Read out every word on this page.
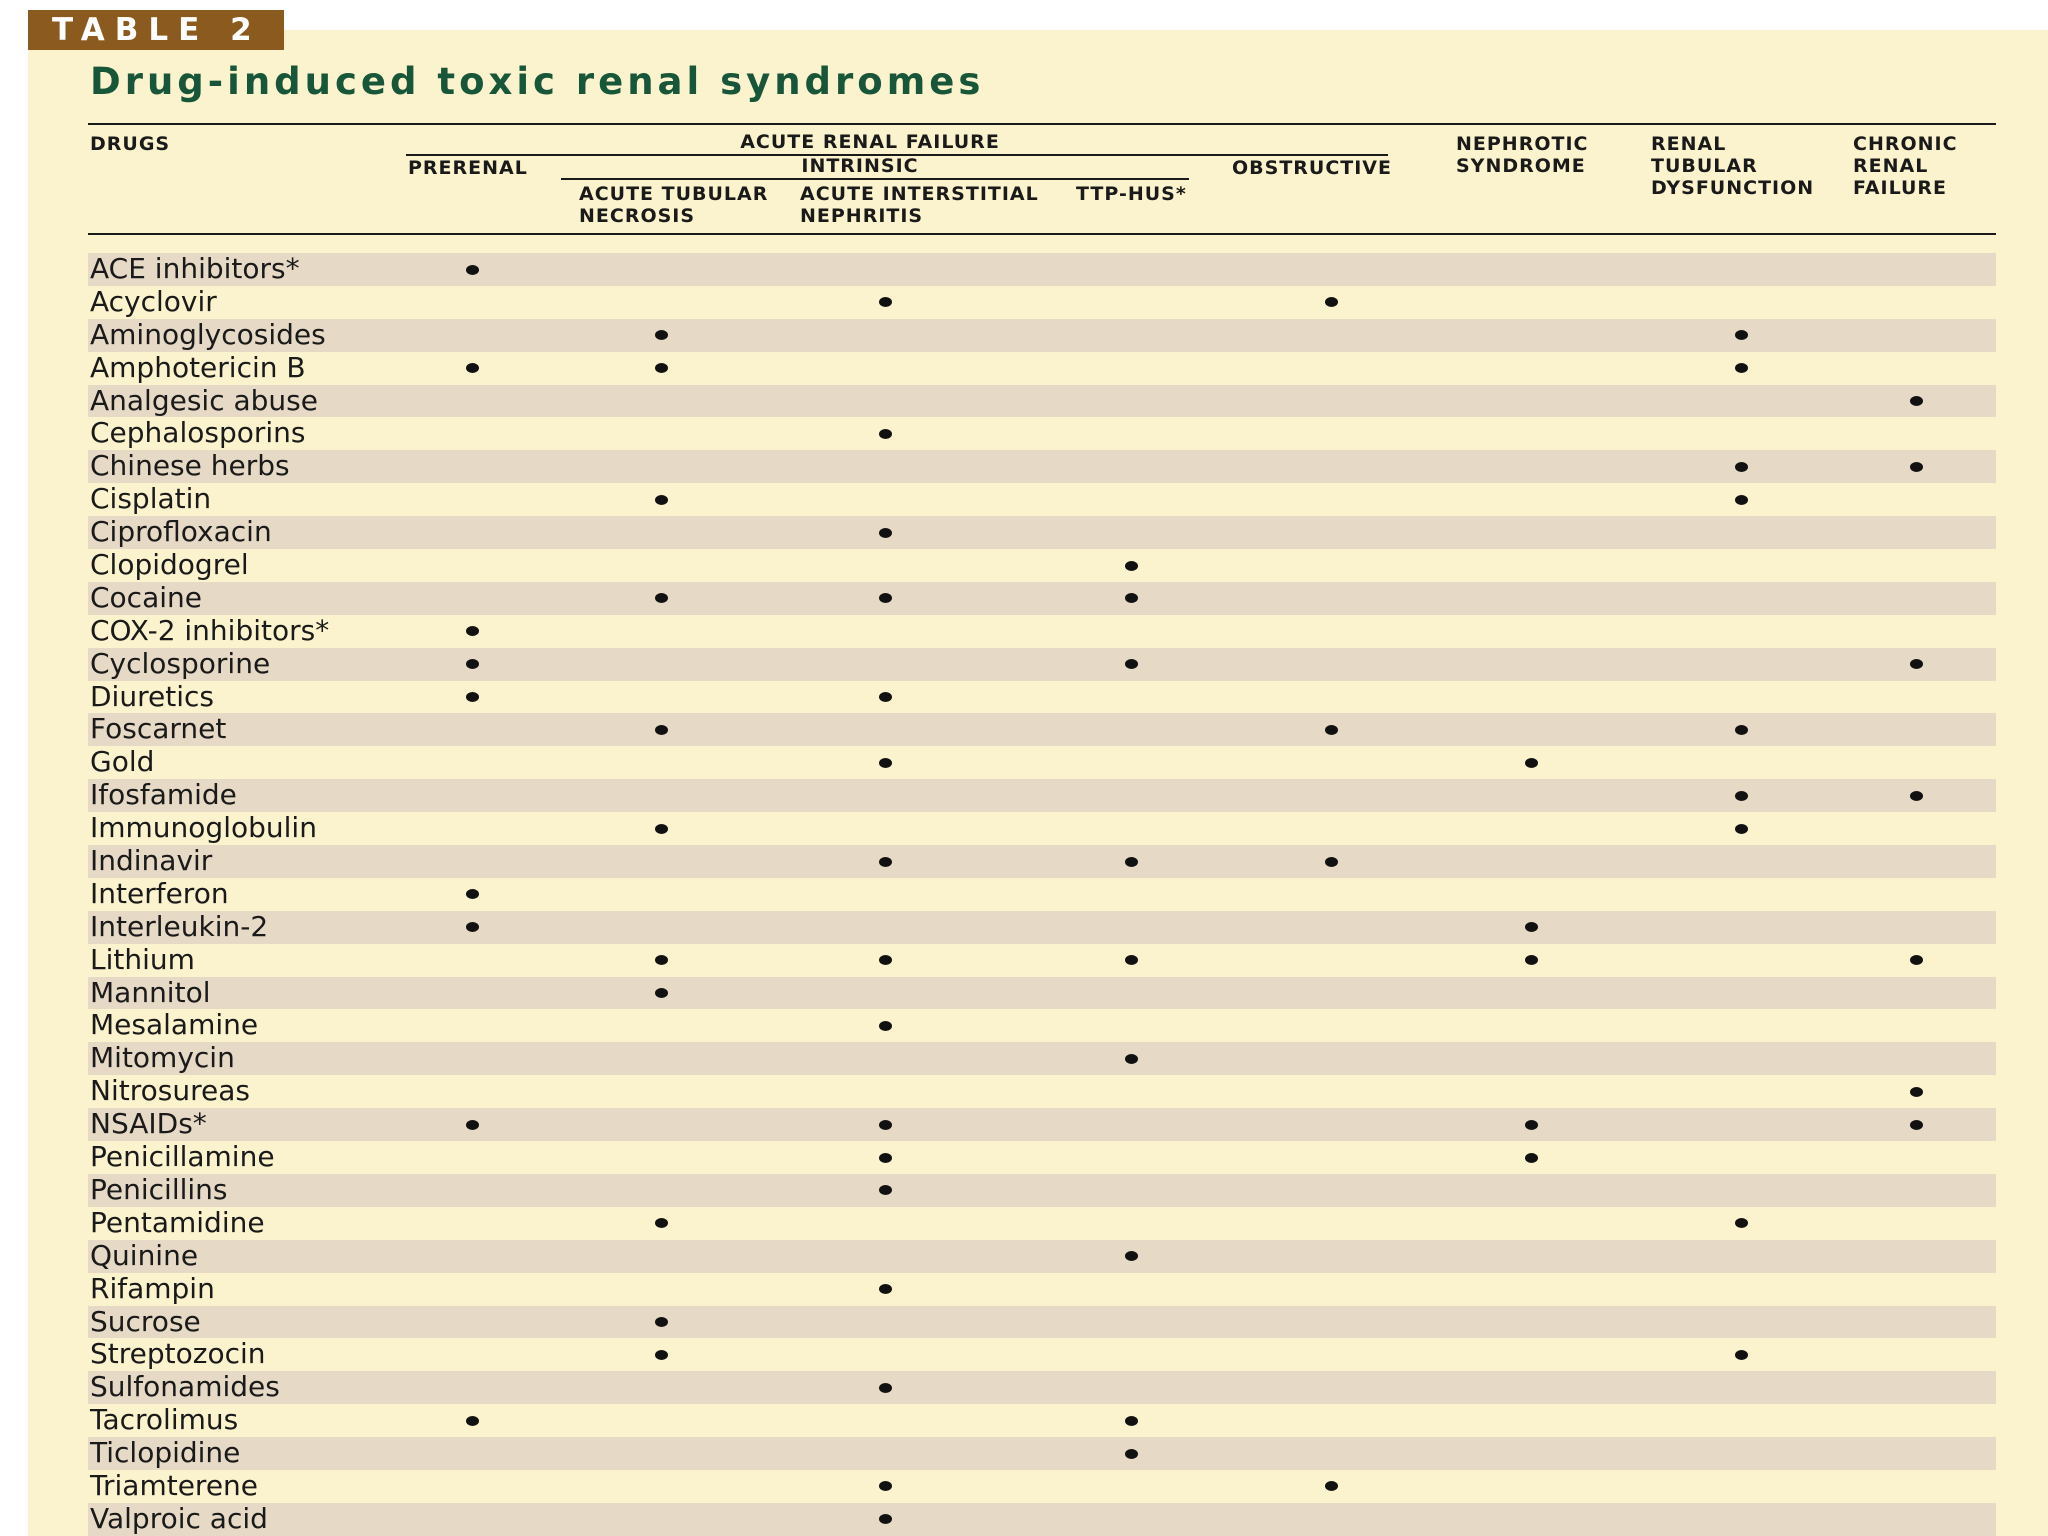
TABLE 2
Drug-induced toxic renal syndromes
DRUGS	ACUTE RENAL FAILURE
PRERENAL	INTRINSIC
ACUTE TUBULAR
NECROSIS
ACUTE INTERSTITIAL
NEPHRITIS
TTP-HUS*
OBSTRUCTIVE
NEPHROTIC
SYNDROME
RENAL
TUBULAR
DYSFUNCTION
CHRONIC
RENAL
FAILURE
ACE inhibitors*
Acyclovir
Aminoglycosides
Amphotericin B
Analgesic abuse
Cephalosporins
Chinese herbs
Cisplatin
Ciprofloxacin
Clopidogrel
Cocaine
COX-2 inhibitors*
Cyclosporine
Diuretics
Foscarnet
Gold
Ifosfamide
Immunoglobulin
Indinavir
Interferon
Interleukin-2
Lithium
Mannitol
Mesalamine
Mitomycin
Nitrosureas
NSAIDs*
Penicillamine
Penicillins
Pentamidine
Quinine
Rifampin
Sucrose
Streptozocin
Sulfonamides
Tacrolimus
Ticlopidine
Triamterene
Valproic acid
